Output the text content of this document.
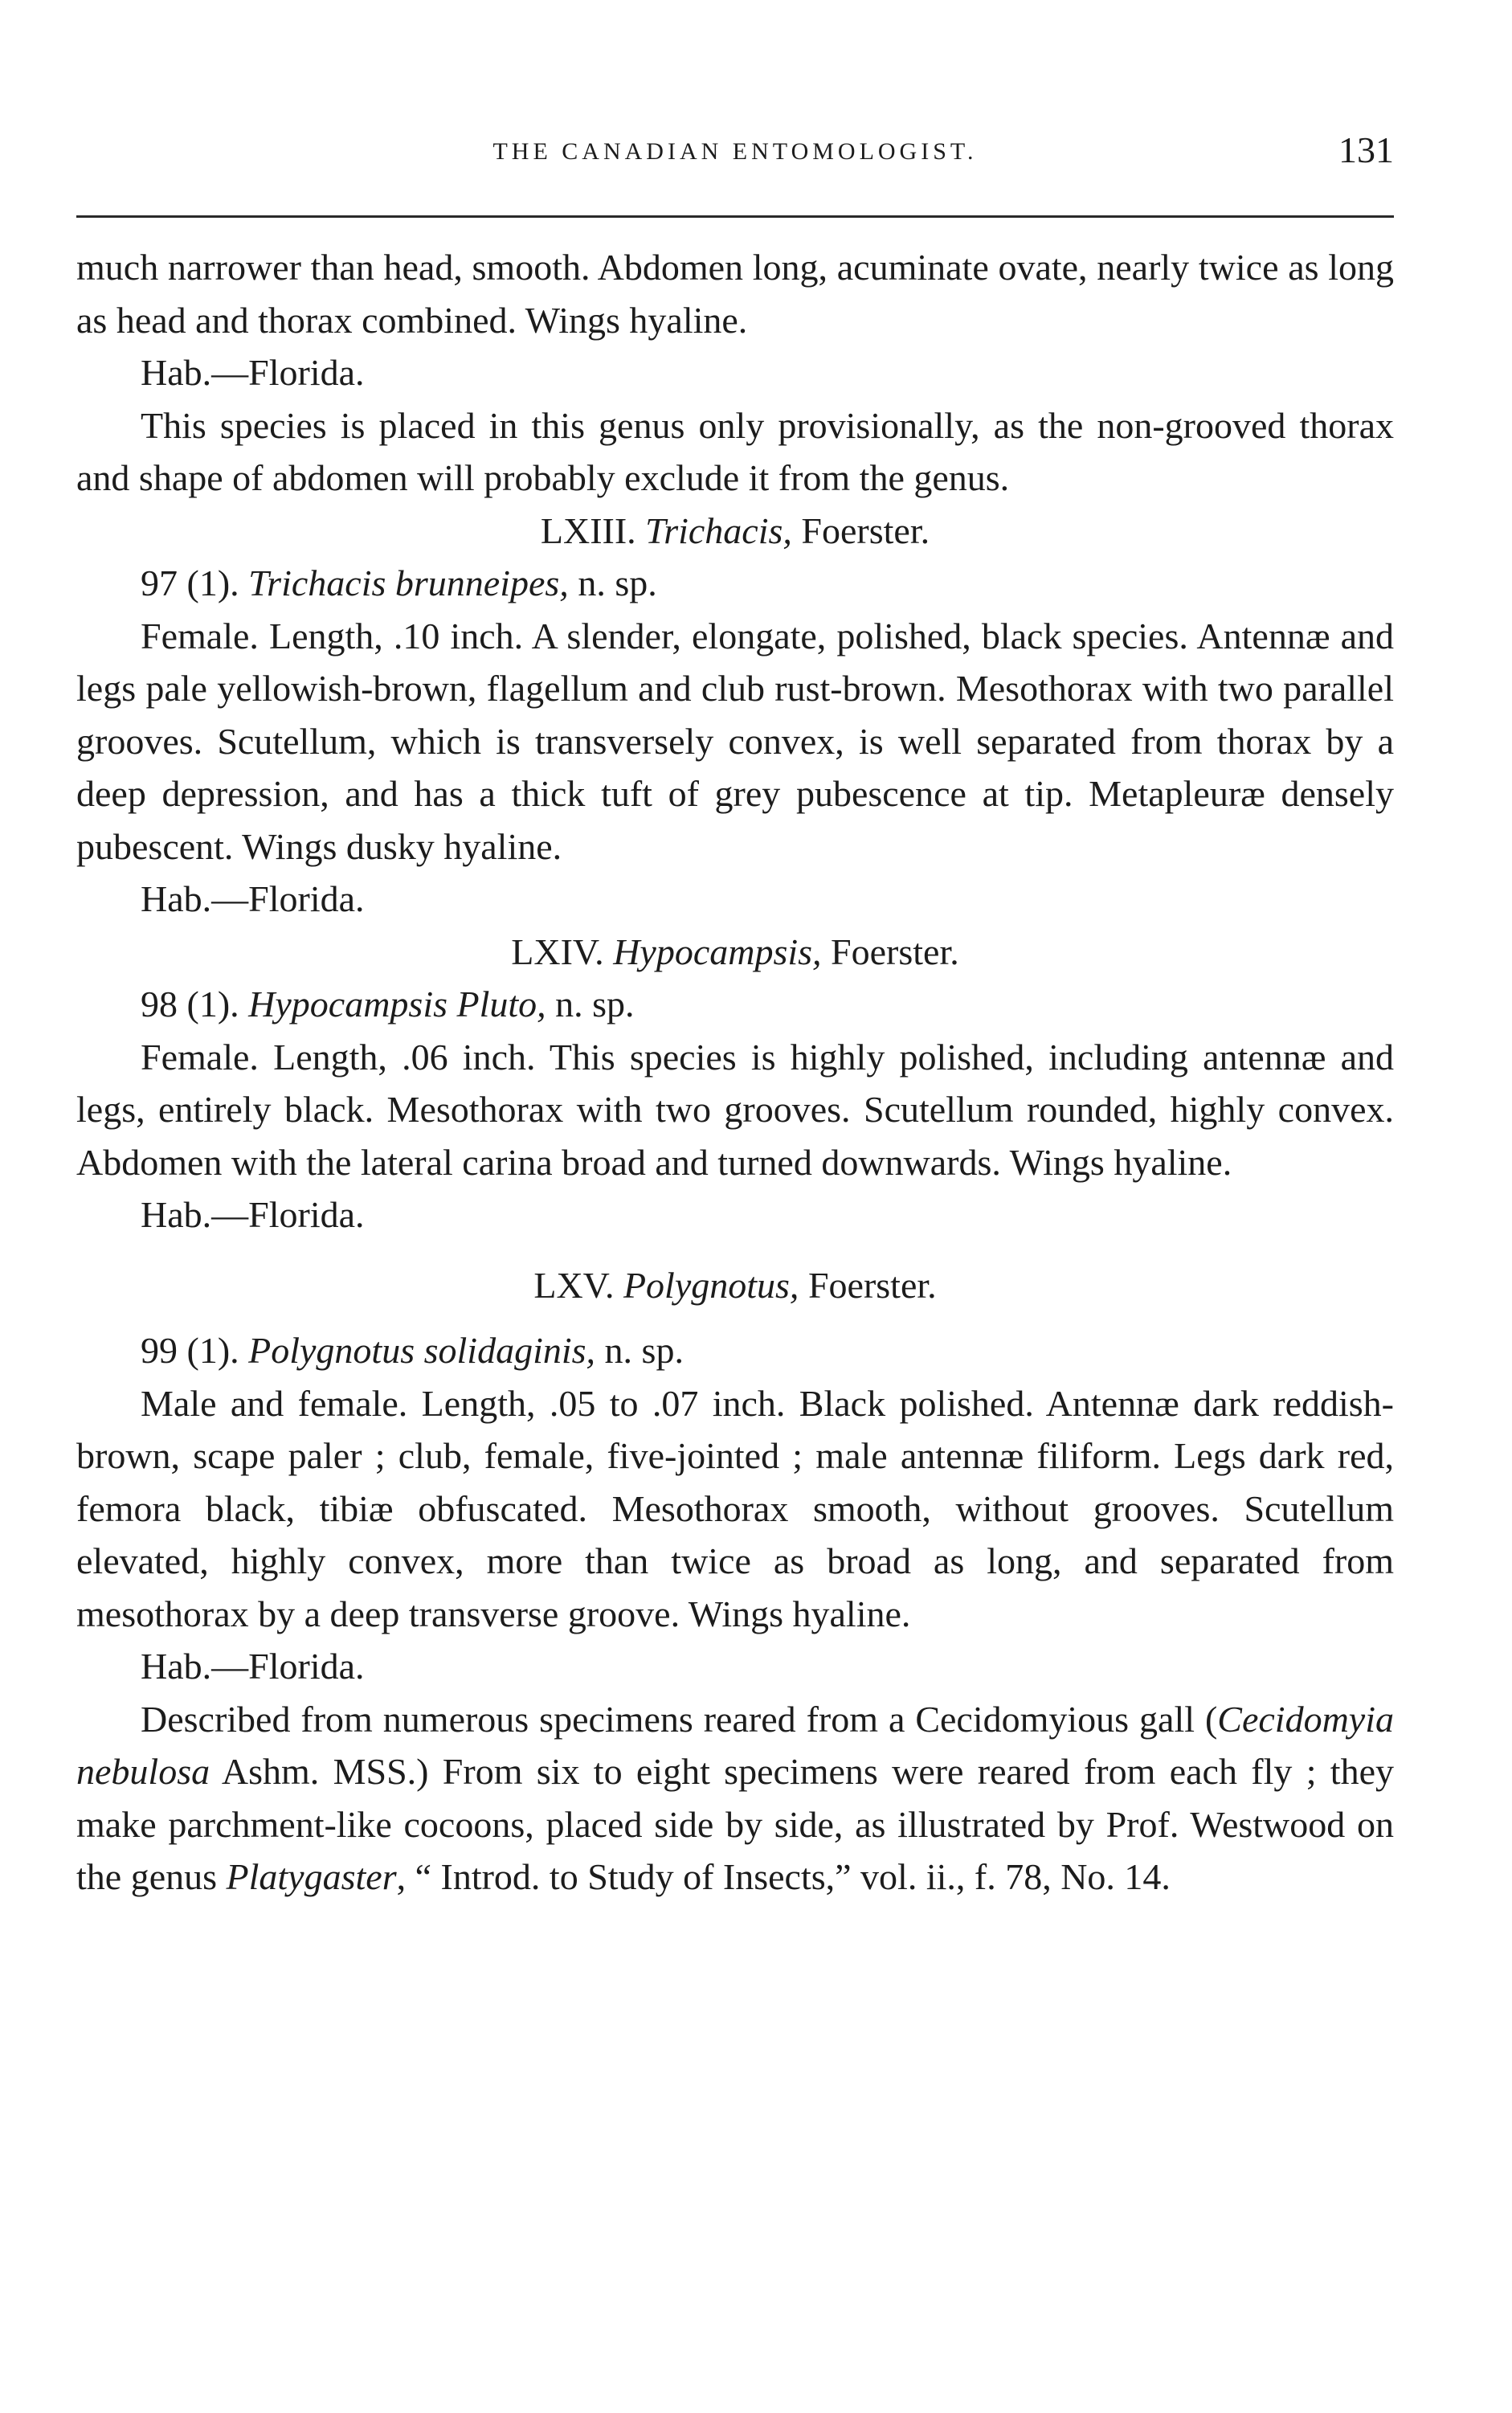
THE CANADIAN ENTOMOLOGIST.	131

much narrower than head, smooth. Abdomen long, acuminate ovate, nearly twice as long as head and thorax combined. Wings hyaline.

Hab.—Florida.

This species is placed in this genus only provisionally, as the non-grooved thorax and shape of abdomen will probably exclude it from the genus.

LXIII. Trichacis, Foerster.

97 (1). Trichacis brunneipes, n. sp.

Female. Length, .10 inch. A slender, elongate, polished, black species. Antennæ and legs pale yellowish-brown, flagellum and club rust-brown. Mesothorax with two parallel grooves. Scutellum, which is transversely convex, is well separated from thorax by a deep depression, and has a thick tuft of grey pubescence at tip. Metapleuræ densely pubescent. Wings dusky hyaline.

Hab.—Florida.

LXIV. Hypocampsis, Foerster.

98 (1). Hypocampsis Pluto, n. sp.

Female. Length, .06 inch. This species is highly polished, including antennæ and legs, entirely black. Mesothorax with two grooves. Scutellum rounded, highly convex. Abdomen with the lateral carina broad and turned downwards. Wings hyaline.

Hab.—Florida.

LXV. Polygnotus, Foerster.

99 (1). Polygnotus solidaginis, n. sp.

Male and female. Length, .05 to .07 inch. Black polished. Antennæ dark reddish-brown, scape paler ; club, female, five-jointed ; male antennæ filiform. Legs dark red, femora black, tibiæ obfuscated. Mesothorax smooth, without grooves. Scutellum elevated, highly convex, more than twice as broad as long, and separated from mesothorax by a deep transverse groove. Wings hyaline.

Hab.—Florida.

Described from numerous specimens reared from a Cecidomyious gall (Cecidomyia nebulosa Ashm. MSS.) From six to eight specimens were reared from each fly ; they make parchment-like cocoons, placed side by side, as illustrated by Prof. Westwood on the genus Platygaster, “ Introd. to Study of Insects,” vol. ii., f. 78, No. 14.
